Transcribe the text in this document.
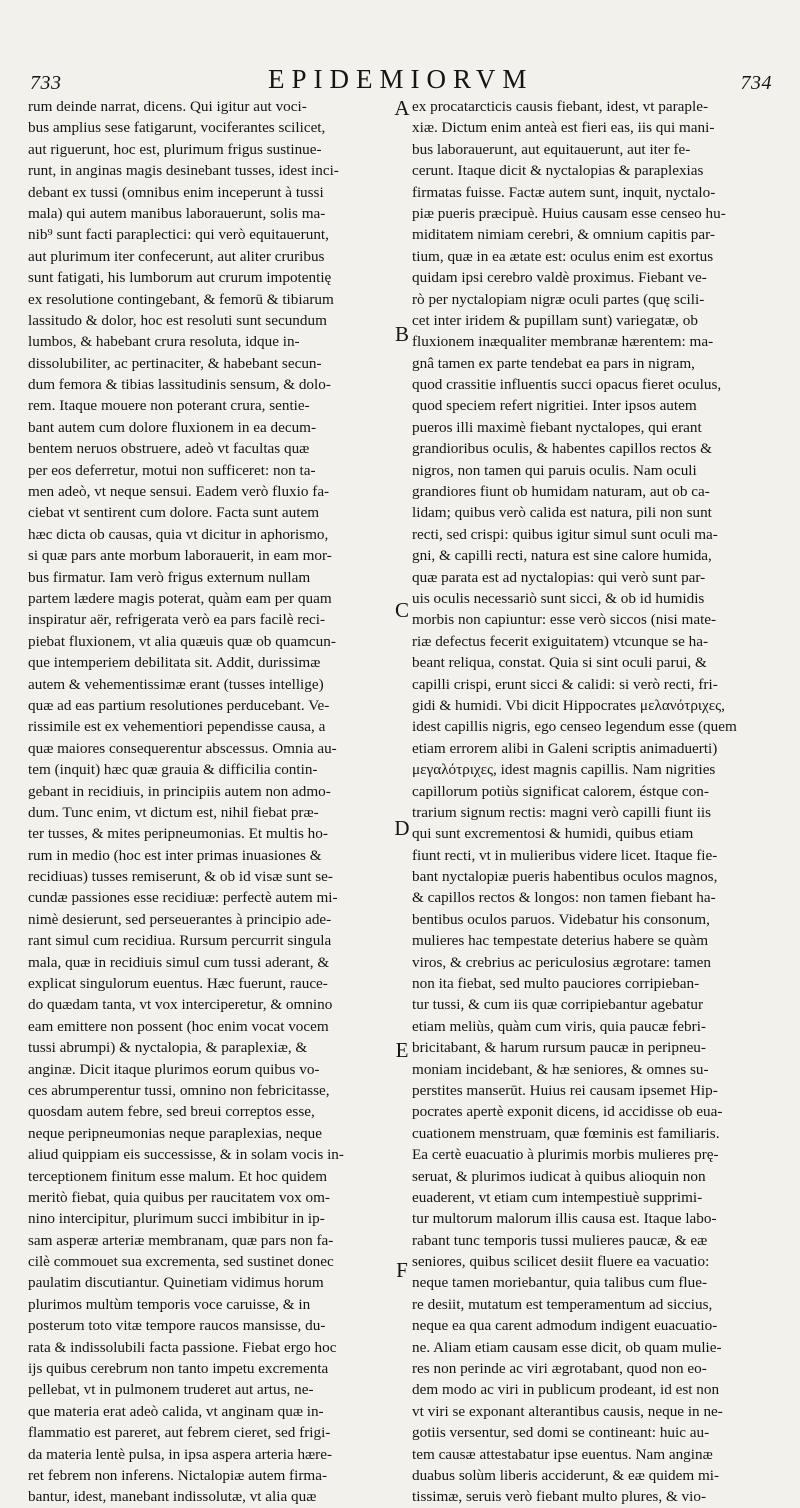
733	EPIDEMIORVM	734
rum deinde narrat, dicens. Qui igitur aut voci-
bus amplius sese fatigarunt, vociferantes scilicet,
aut riguerunt, hoc est, plurimum frigus sustinue-
runt, in anginas magis desinebant tusses, idest inci-
debant ex tussi (omnibus enim inceperunt à tussi
mala) qui autem manibus laborauerunt, solis ma-
nib⁹ sunt facti paraplectici: qui verò equitauerunt,
aut plurimum iter confecerunt, aut aliter cruribus
sunt fatigati, his lumborum aut crurum impotentię
ex resolutione contingebant, & femorū & tibiarum
lassitudo & dolor, hoc est resoluti sunt secundum
lumbos, & habebant crura resoluta, idque in-
dissolubiliter, ac pertinaciter, & habebant secun-
dum femora & tibias lassitudinis sensum, & dolo-
rem. Itaque mouere non poterant crura, sentie-
bant autem cum dolore fluxionem in ea decum-
bentem neruos obstruere, adeò vt facultas quæ
per eos deferretur, motui non sufficeret: non ta-
men adeò, vt neque sensui. Eadem verò fluxio fa-
ciebat vt sentirent cum dolore. Facta sunt autem
hæc dicta ob causas, quia vt dicitur in aphorismo,
si quæ pars ante morbum laborauerit, in eam mor-
bus firmatur. Iam verò frigus externum nullam
partem lædere magis poterat, quàm eam per quam
inspiratur aër, refrigerata verò ea pars facilè reci-
piebat fluxionem, vt alia quæuis quæ ob quamcun-
que intemperiem debilitata sit. Addit, durissimæ
autem & vehementissimæ erant (tusses intellige)
quæ ad eas partium resolutiones perducebant. Ve-
rissimile est ex vehementiori pependisse causa, a
quæ maiores consequerentur abscessus. Omnia au-
tem (inquit) hæc quæ grauia & difficilia contin-
gebant in recidiuis, in principiis autem non admo-
dum. Tunc enim, vt dictum est, nihil fiebat præ-
ter tusses, & mites peripneumonias. Et multis ho-
rum in medio (hoc est inter primas inuasiones &
recidiuas) tusses remiserunt, & ob id visæ sunt se-
cundæ passiones esse recidiuæ: perfectè autem mi-
nimè desierunt, sed perseuerantes à principio ade-
rant simul cum recidiua. Rursum percurrit singula
mala, quæ in recidiuis simul cum tussi aderant, &
explicat singulorum euentus. Hæc fuerunt, rauce-
do quædam tanta, vt vox interciperetur, & omnino
eam emittere non possent (hoc enim vocat vocem
tussi abrumpi) & nyctalopia, & paraplexiæ, &
anginæ. Dicit itaque plurimos eorum quibus vo-
ces abrumperentur tussi, omnino non febricitasse,
quosdam autem febre, sed breui correptos esse,
neque peripneumonias neque paraplexias, neque
aliud quippiam eis successisse, & in solam vocis in-
terceptionem finitum esse malum. Et hoc quidem
meritò fiebat, quia quibus per raucitatem vox om-
nino intercipitur, plurimum succi imbibitur in ip-
sam asperæ arteriæ membranam, quæ pars non fa-
cilè commouet sua excrementa, sed sustinet donec
paulatim discutiantur. Quinetiam vidimus horum
plurimos multùm temporis voce caruisse, & in
posterum toto vitæ tempore raucos mansisse, du-
rata & indissolubili facta passione. Fiebat ergo hoc
ijs quibus cerebrum non tanto impetu excrementa
pellebat, vt in pulmonem truderet aut artus, ne-
que materia erat adeò calida, vt anginam quæ in-
flammatio est pareret, aut febrem cieret, sed frigi-
da materia lentè pulsa, in ipsa aspera arteria hære-
ret febrem non inferens. Nictalopiæ autem firma-
bantur, idest, manebant indissolutæ, vt alia quæ
ex procatarcticis causis fiebant, idest, vt paraple-
xiæ. Dictum enim anteà est fieri eas, iis qui mani-
bus laborauerunt, aut equitauerunt, aut iter fe-
cerunt. Itaque dicit & nyctalopias & paraplexias
firmatas fuisse. Factæ autem sunt, inquit, nyctalo-
piæ pueris præcipuè. Huius causam esse censeo hu-
miditatem nimiam cerebri, & omnium capitis par-
tium, quæ in ea ætate est: oculus enim est exortus
quidam ipsi cerebro valdè proximus. Fiebant ve-
rò per nyctalopiam nigræ oculi partes (quę scili-
cet inter iridem & pupillam sunt) variegatæ, ob
fluxionem inæqualiter membranæ hærentem: ma-
gnâ tamen ex parte tendebat ea pars in nigram,
quod crassitie influentis succi opacus fieret oculus,
quod speciem refert nigritiei. Inter ipsos autem
pueros illi maximè fiebant nyctalopes, qui erant
grandioribus oculis, & habentes capillos rectos &
nigros, non tamen qui paruis oculis. Nam oculi
grandiores fiunt ob humidam naturam, aut ob ca-
lidam; quibus verò calida est natura, pili non sunt
recti, sed crispi: quibus igitur simul sunt oculi ma-
gni, & capilli recti, natura est sine calore humida,
quæ parata est ad nyctalopias: qui verò sunt par-
uis oculis necessariò sunt sicci, & ob id humidis
morbis non capiuntur: esse verò siccos (nisi mate-
riæ defectus fecerit exiguitatem) vtcunque se ha-
beant reliqua, constat. Quia si sint oculi parui, &
capilli crispi, erunt sicci & calidi: si verò recti, fri-
gidi & humidi. Vbi dicit Hippocrates μελανότριχες,
idest capillis nigris, ego censeo legendum esse (quem
etiam errorem alibi in Galeni scriptis animaduerti)
μεγαλότριχες, idest magnis capillis. Nam nigrities
capillorum potiùs significat calorem, éstque con-
trarium signum rectis: magni verò capilli fiunt iis
qui sunt excrementosi & humidi, quibus etiam
fiunt recti, vt in mulieribus videre licet. Itaque fie-
bant nyctalopiæ pueris habentibus oculos magnos,
& capillos rectos & longos: non tamen fiebant ha-
bentibus oculos paruos. Videbatur his consonum,
mulieres hac tempestate deterius habere se quàm
viros, & crebrius ac periculosius ægrotare: tamen
non ita fiebat, sed multo pauciores corripieban-
tur tussi, & cum iis quæ corripiebantur agebatur
etiam meliùs, quàm cum viris, quia paucæ febri-
bricitabant, & harum rursum paucæ in peripneu-
moniam incidebant, & hæ seniores, & omnes su-
perstites manserūt. Huius rei causam ipsemet Hip-
pocrates apertè exponit dicens, id accidisse ob eua-
cuationem menstruam, quæ fœminis est familiaris.
Ea certè euacuatio à plurimis morbis mulieres prę-
seruat, & plurimos iudicat à quibus alioquin non
euaderent, vt etiam cum intempestiuè supprimi-
tur multorum malorum illis causa est. Itaque labo-
rabant tunc temporis tussi mulieres paucæ, & eæ
seniores, quibus scilicet desiit fluere ea vacuatio:
neque tamen moriebantur, quia talibus cum flue-
re desiit, mutatum est temperamentum ad siccius,
neque ea qua carent admodum indigent euacuatio-
ne. Aliam etiam causam esse dicit, ob quam mulie-
res non perinde ac viri ægrotabant, quod non eo-
dem modo ac viri in publicum prodeant, id est non
vt viri se exponant alterantibus causis, neque in ne-
gotiis versentur, sed domi se contineant: huic au-
tem causæ attestabatur ipse euentus. Nam anginæ
duabus solùm liberis acciderunt, & eæ quidem mi-
tissimæ, seruis verò fiebant multo plures, & vio-
A
B
C
D
E
F
